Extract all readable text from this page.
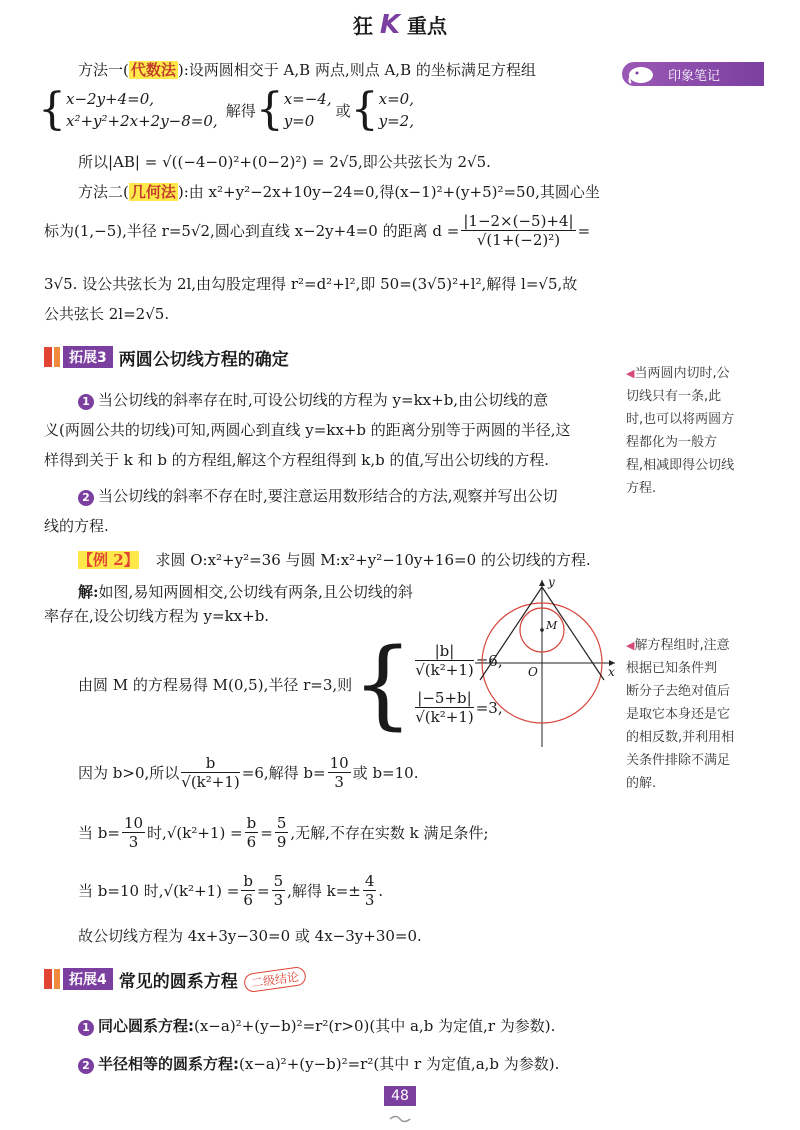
狂 K 重点
印象笔记
方法一( 代数法 ):设两圆相交于 A,B 两点,则点 A,B 的坐标满足方程组
{ x−2y+4=0,
x²+y²+2x+2y−8=0,
解得 { x=−4,
y=0
或 { x=0,
y=2,
所以|AB| = √((−4−0)²+(0−2)²) = 2√5,即公共弦长为 2√5.
方法二( 几何法 ):由 x²+y²−2x+10y−24=0,得(x−1)²+(y+5)²=50,其圆心坐
标为(1,−5),半径 r=5√2,圆心到直线 x−2y+4=0 的距离 $d = \frac{|1-2\times(-5)+4|}{\text{√(1+(−2)²)}}$ =
3√5. 设公共弦长为 2l,由勾股定理得 r²=d²+l²,即 50=(3√5)²+l²,解得 l=√5,故
公共弦长 2l=2√5.
拓展3 两圆公切线方程的确定
1 当公切线的斜率存在时,可设公切线的方程为 y=kx+b,由公切线的意
义(两圆公共的切线)可知,两圆心到直线 y=kx+b 的距离分别等于两圆的半径,这
样得到关于 k 和 b 的方程组,解这个方程组得到 k,b 的值,写出公切线的方程.
2 当公切线的斜率不存在时,要注意运用数形结合的方法,观察并写出公切
线的方程.
◀当两圆内切时,公
切线只有一条,此
时,也可以将两圆方
程都化为一般方
程,相减即得公切线
方程.
【例 2】 求圆 O:x²+y²=36 与圆 M:x²+y²−10y+16=0 的公切线的方程.
解:如图,易知两圆相交,公切线有两条,且公切线的斜
率存在,设公切线方程为 y=kx+b.
由圆 M 的方程易得 M(0,5),半径 r=3,则 { $\frac{|b|}{\text{√(k²+1)}} =6$,
$\frac{|-5+b|}{\text{√(k²+1)}} =3$,
y
x
O
M
◀解方程组时,注意
根据已知条件判
断分子去绝对值后
是取它本身还是它
的相反数,并利用相
关条件排除不满足
的解.
因为 b>0,所以 $\frac{b}{\text{√(k²+1)}} =6$,解得 $b= \frac{10}{3}$ 或 b=10.
当 $b= \frac{10}{3}$ 时$,√(k^2+1) = \frac{b}{6} = \frac{5}{9}$ ,无解,不存在实数 k 满足条件;
当 b=10 时$,√(k^2+1) = \frac{b}{6} = \frac{5}{3}$ ,解得 $k=\pm \frac{4}{3}$ .
故公切线方程为 4x+3y−30=0 或 4x−3y+30=0.
拓展4 常见的圆系方程	二级结论
1 同心圆系方程:(x−a)²+(y−b)²=r²(r>0)(其中 a,b 为定值,r 为参数).
2 半径相等的圆系方程:(x−a)²+(y−b)²=r²(其中 r 为定值,a,b 为参数).
48
